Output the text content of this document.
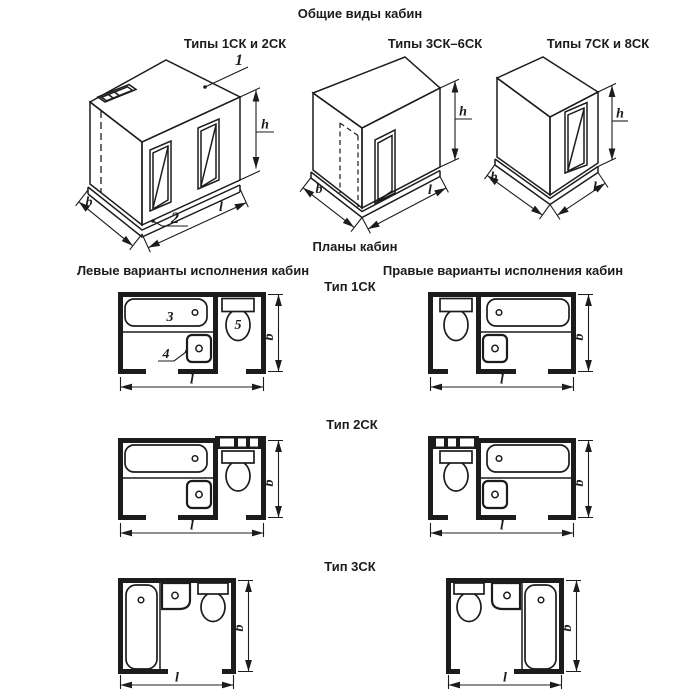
Общие виды кабин
Типы 1СК и 2СК	Типы 3СК–6СК	Типы 7СК и 8СК
Планы кабин
Левые варианты исполнения кабин	Правые варианты исполнения кабин
Тип 1СК
Тип 2СК
Тип 3СК
1
2
h
b	l
h
b	l
h
b
l
3
4
5
b
l
b
l
b
l
b
l
b
l
b
l
